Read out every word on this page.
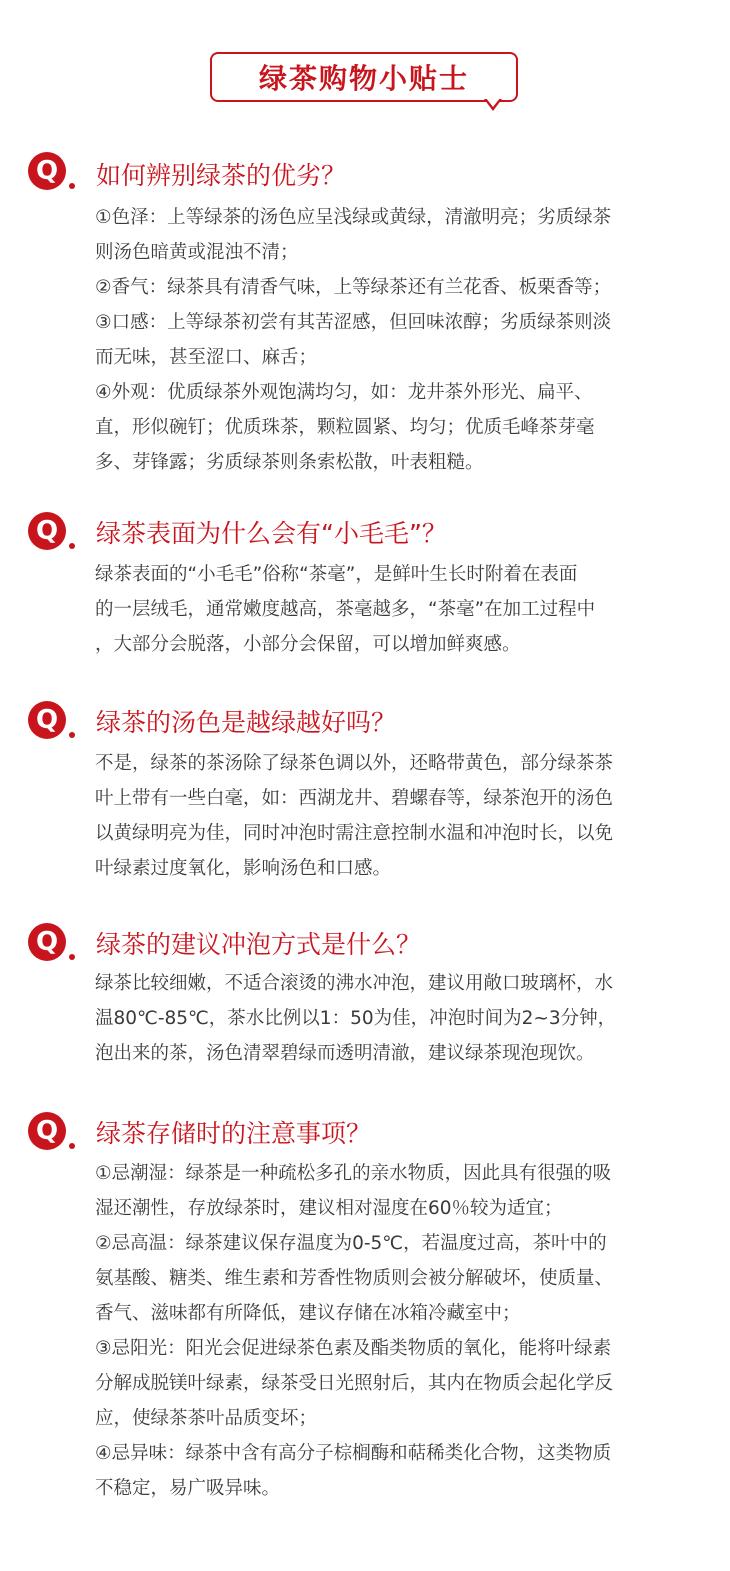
绿茶购物小贴士
Q 如何辨别绿茶的优劣？
①色泽：上等绿茶的汤色应呈浅绿或黄绿，清澈明亮；劣质绿茶
则汤色暗黄或混浊不清；
②香气：绿茶具有清香气味，上等绿茶还有兰花香、板栗香等；
③口感：上等绿茶初尝有其苦涩感，但回味浓醇；劣质绿茶则淡
而无味，甚至涩口、麻舌；
④外观：优质绿茶外观饱满均匀，如：龙井茶外形光、扁平、
直，形似碗钉；优质珠茶，颗粒圆紧、均匀；优质毛峰茶芽毫
多、芽锋露；劣质绿茶则条索松散，叶表粗糙。
Q 绿茶表面为什么会有“小毛毛”？
绿茶表面的“小毛毛”俗称“茶毫”，是鲜叶生长时附着在表面
的一层绒毛，通常嫩度越高，茶毫越多，“茶毫”在加工过程中
，大部分会脱落，小部分会保留，可以增加鲜爽感。
Q 绿茶的汤色是越绿越好吗？
不是，绿茶的茶汤除了绿茶色调以外，还略带黄色，部分绿茶茶
叶上带有一些白毫，如：西湖龙井、碧螺春等，绿茶泡开的汤色
以黄绿明亮为佳，同时冲泡时需注意控制水温和冲泡时长，以免
叶绿素过度氧化，影响汤色和口感。
Q 绿茶的建议冲泡方式是什么？
绿茶比较细嫩，不适合滚烫的沸水冲泡，建议用敞口玻璃杯，水
温80℃-85℃，茶水比例以1：50为佳，冲泡时间为2~3分钟，
泡出来的茶，汤色清翠碧绿而透明清澈，建议绿茶现泡现饮。
Q 绿茶存储时的注意事项？
①忌潮湿：绿茶是一种疏松多孔的亲水物质，因此具有很强的吸
湿还潮性，存放绿茶时，建议相对湿度在60％较为适宜；
②忌高温：绿茶建议保存温度为0-5℃，若温度过高，茶叶中的
氨基酸、糖类、维生素和芳香性物质则会被分解破坏，使质量、
香气、滋味都有所降低，建议存储在冰箱冷藏室中；
③忌阳光：阳光会促进绿茶色素及酯类物质的氧化，能将叶绿素
分解成脱镁叶绿素，绿茶受日光照射后，其内在物质会起化学反
应，使绿茶茶叶品质变坏；
④忌异味：绿茶中含有高分子棕榈酶和萜稀类化合物，这类物质
不稳定，易广吸异味。
